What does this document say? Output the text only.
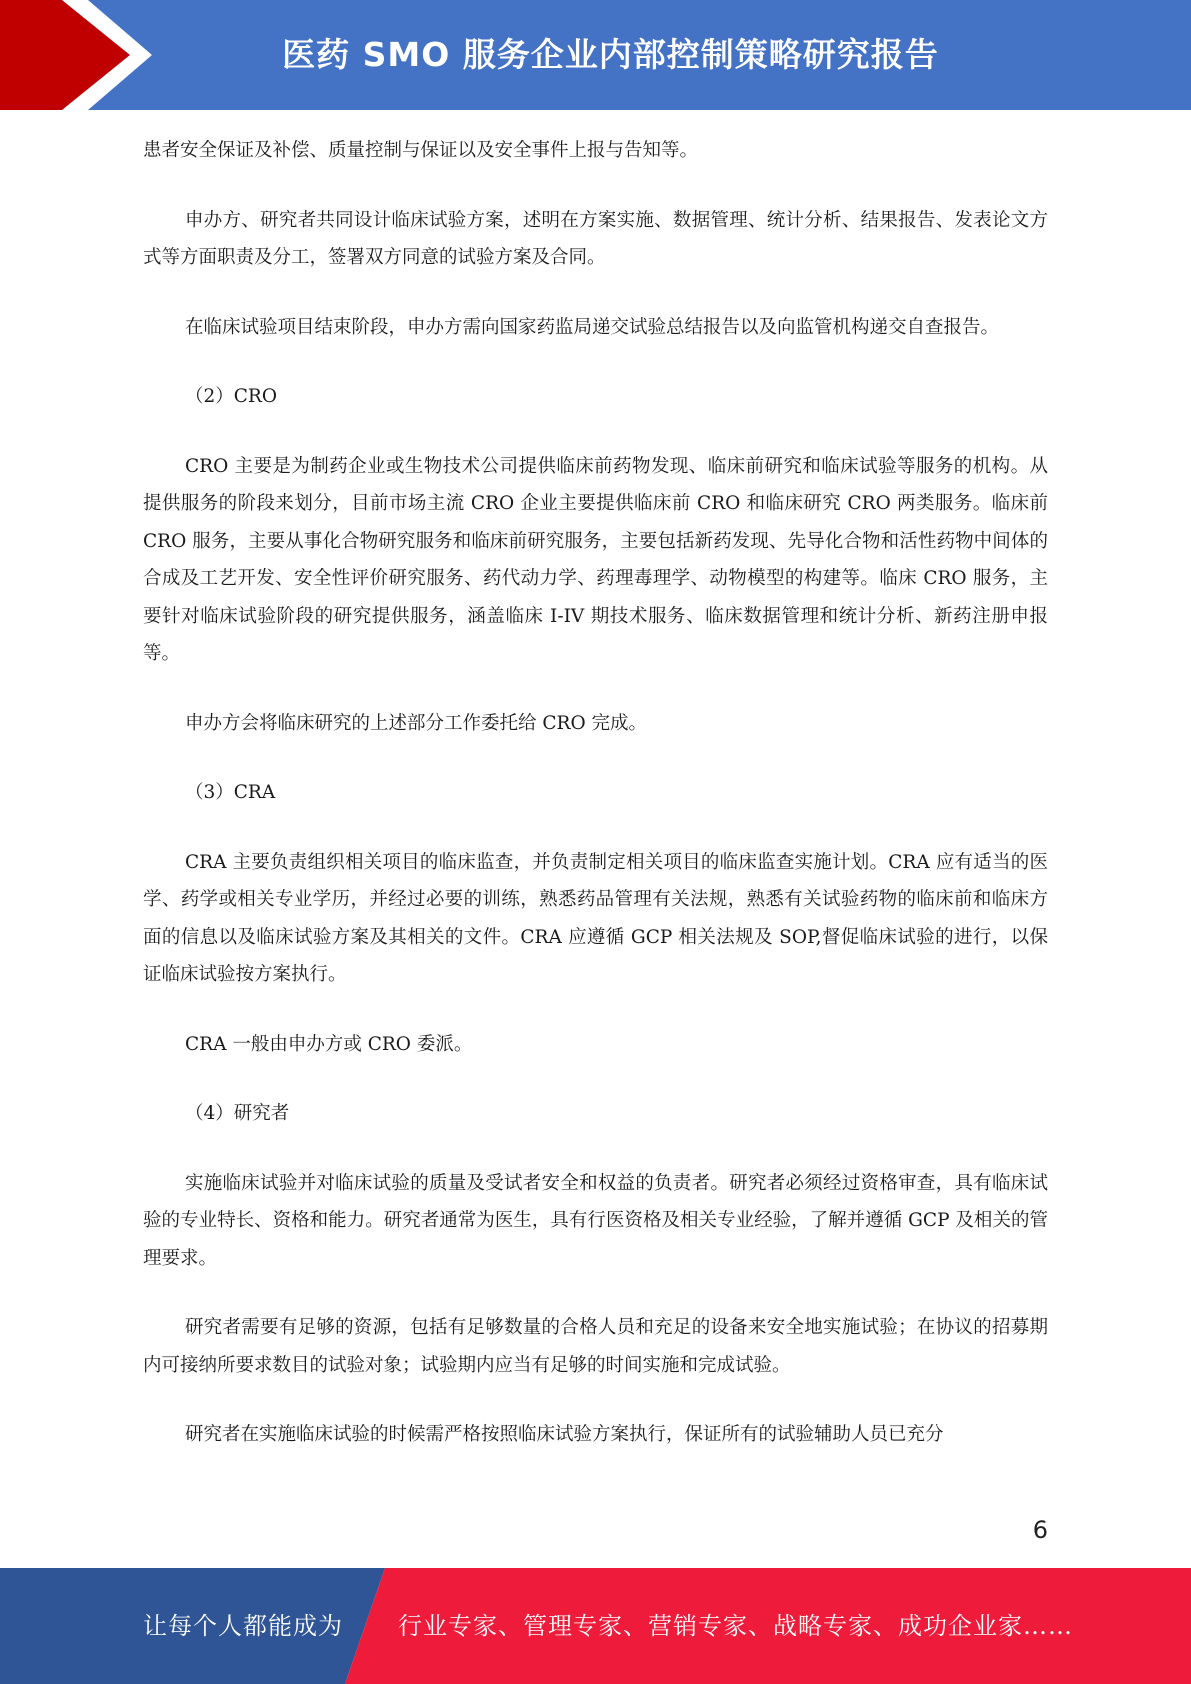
医药 SMO 服务企业内部控制策略研究报告

患者安全保证及补偿、质量控制与保证以及安全事件上报与告知等。

申办方、研究者共同设计临床试验方案，述明在方案实施、数据管理、统计分析、结果报告、发表论文方式等方面职责及分工，签署双方同意的试验方案及合同。

在临床试验项目结束阶段，申办方需向国家药监局递交试验总结报告以及向监管机构递交自查报告。

（2）CRO

CRO 主要是为制药企业或生物技术公司提供临床前药物发现、临床前研究和临床试验等服务的机构。从提供服务的阶段来划分，目前市场主流 CRO 企业主要提供临床前 CRO 和临床研究 CRO 两类服务。临床前 CRO 服务，主要从事化合物研究服务和临床前研究服务，主要包括新药发现、先导化合物和活性药物中间体的合成及工艺开发、安全性评价研究服务、药代动力学、药理毒理学、动物模型的构建等。临床 CRO 服务，主要针对临床试验阶段的研究提供服务，涵盖临床 I-IV 期技术服务、临床数据管理和统计分析、新药注册申报等。

申办方会将临床研究的上述部分工作委托给 CRO 完成。

（3）CRA

CRA 主要负责组织相关项目的临床监查，并负责制定相关项目的临床监查实施计划。CRA 应有适当的医学、药学或相关专业学历，并经过必要的训练，熟悉药品管理有关法规，熟悉有关试验药物的临床前和临床方面的信息以及临床试验方案及其相关的文件。CRA 应遵循 GCP 相关法规及 SOP,督促临床试验的进行，以保证临床试验按方案执行。

CRA 一般由申办方或 CRO 委派。

（4）研究者

实施临床试验并对临床试验的质量及受试者安全和权益的负责者。研究者必须经过资格审查，具有临床试验的专业特长、资格和能力。研究者通常为医生，具有行医资格及相关专业经验，了解并遵循 GCP 及相关的管理要求。

研究者需要有足够的资源，包括有足够数量的合格人员和充足的设备来安全地实施试验；在协议的招募期内可接纳所要求数目的试验对象；试验期内应当有足够的时间实施和完成试验。

研究者在实施临床试验的时候需严格按照临床试验方案执行，保证所有的试验辅助人员已充分

6
让每个人都能成为 行业专家、管理专家、营销专家、战略专家、成功企业家……
